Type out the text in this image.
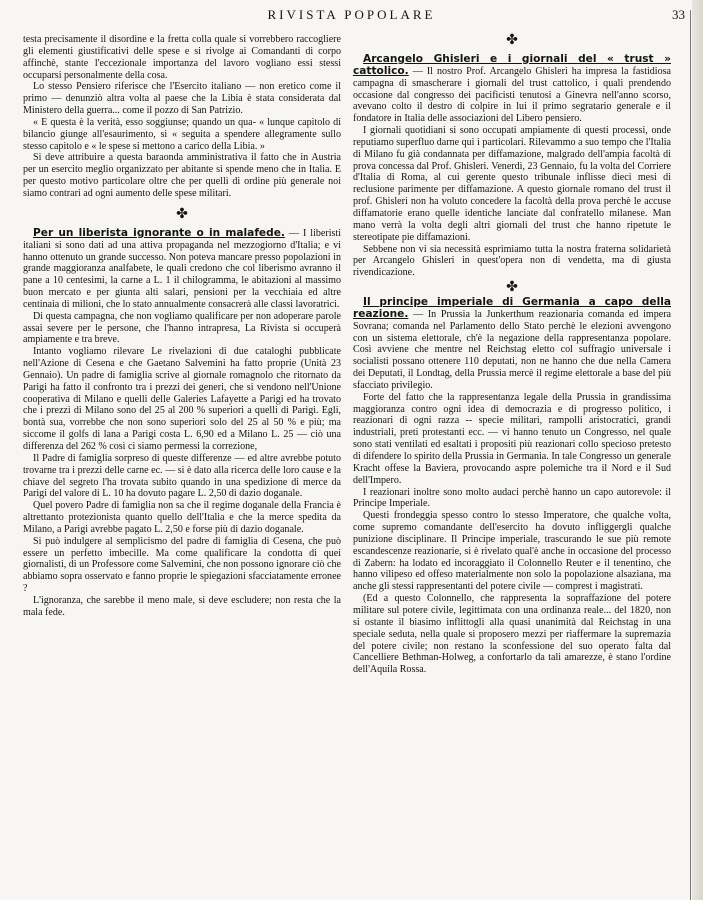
RIVISTA POPOLARE	33

testa precisamente il disordine e la fretta colla quale si vorrebbero raccogliere gli elementi giustificativi delle spese e si rivolge ai Comandanti di corpo affinchè, stante l'eccezionale importanza del lavoro vogliano essi stessi occuparsi personalmente della cosa.

Lo stesso Pensiero riferisce che l'Esercito italiano — non eretico come il primo — denunziò altra volta al paese che la Libia è stata considerata dal Ministero della guerra... come il pozzo di San Patrizio.

« E questa è la verità, esso soggiunse; quando un qua- « lunque capitolo di bilancio giunge all'esaurimento, si « seguita a spendere allegramente sullo stesso capitolo e « le spese si mettono a carico della Libia. »

Si deve attribuire a questa baraonda amministrativa il fatto che in Austria per un esercito meglio organizzato per abitante si spende meno che in Italia. E per questo motivo particolare oltre che per quelli di ordine più generale noi siamo contrari ad ogni aumento delle spese militari.

✤

Per un liberista ignorante o in malafede. — I liberisti italiani si sono dati ad una attiva propaganda nel mezzogiorno d'Italia; e vi hanno ottenuto un grande successo. Non poteva mancare presso popolazioni in grande maggioranza analfabete, le quali credono che col liberismo avranno il pane a 10 centesimi, la carne a L. 1 il chilogramma, le abitazioni al massimo buon mercato e per giunta alti salari, pensioni per la vecchiaia ed altre centinaia di milioni, che lo stato annualmente consacrerà alle classi lavoratrici.

Di questa campagna, che non vogliamo qualificare per non adoperare parole assai severe per le persone, che l'hanno intrapresa, La Rivista si occuperà ampiamente e tra breve.

Intanto vogliamo rilevare Le rivelazioni di due cataloghi pubblicate nell'Azione di Cesena e che Gaetano Salvemini ha fatto proprie (Unità 23 Gennaio). Un padre di famiglia scrive al giornale romagnolo che ritornato da Parigi ha fatto il confronto tra i prezzi dei generi, che si vendono nell'Unione cooperativa di Milano e quelli delle Galeries Lafayette a Parigi ed ha trovato che i prezzi di Milano sono del 25 al 200 % superiori a quelli di Parigi. Egli, bontà sua, vorrebbe che non sono superiori solo del 25 al 50 % e più; ma siccome il golfs di lana a Parigi costa L. 6,90 ed a Milano L. 25 — ciò una differenza del 262 % così ci siamo permessi la correzione,

Il Padre di famiglia sorpreso di queste differenze — ed altre avrebbe potuto trovarne tra i prezzi delle carne ec. — si è dato alla ricerca delle loro cause e la chiave del segreto l'ha trovata subito quando in una spedizione di merce da Parigi del valore di L. 10 ha dovuto pagare L. 2,50 di dazio doganale.

Quel povero Padre di famiglia non sa che il regime doganale della Francia è altrettanto protezionista quanto quello dell'Italia e che la merce spedita da Milano, a Parigi avrebbe pagato L. 2,50 e forse più di dazio doganale.

Si può indulgere al semplicismo del padre di famiglia di Cesena, che può essere un perfetto imbecille. Ma come qualificare la condotta di quei giornalisti, di un Professore come Salvemini, che non possono ignorare ciò che abbiamo sopra osservato e fanno proprie le spiegazioni sfacciatamente erronee ?

L'ignoranza, che sarebbe il meno male, si deve escludere; non resta che la mala fede.

✤

Arcangelo Ghisleri e i giornali del « trust » cattolico. — Il nostro Prof. Arcangelo Ghisleri ha impresa la fastidiosa campagna di smascherare i giornali del trust cattolico, i quali prendendo occasione dal congresso dei pacificisti tenutosi a Ginevra nell'anno scorso, avevano colto il destro di colpire in lui il primo segratario generale e il fondatore in Italia delle associazioni del Libero pensiero.

I giornali quotidiani si sono occupati ampiamente di questi processi, onde reputiamo superfluo darne qui i particolari. Rilevammo a suo tempo che l'Italia di Milano fu già condannata per diffamazione, malgrado dell'ampia facoltà di prova concessa dal Prof. Ghisleri. Venerdì, 23 Gennaio, fu la volta del Corriere d'Italia di Roma, al cui gerente questo tribunale inflisse dieci mesi di reclusione parimente per diffamazione. A questo giornale romano del trust il prof. Ghisleri non ha voluto concedere la facoltà della prova perchè le accuse diffamatorie erano quelle identiche lanciate dal confratello milanese. Man mano verrà la volta degli altri giornali del trust che hanno ripetute le stereotipate pie diffamazioni.

Sebbene non vi sia necessità esprimiamo tutta la nostra fraterna solidarietà per Arcangelo Ghisleri in quest'opera non di vendetta, ma di giusta rivendicazione.

✤

Il principe imperiale di Germania a capo della reazione. — In Prussia la Junkerthum reazionaria comanda ed impera Sovrana; comanda nel Parlamento dello Stato perchè le elezioni avvengono con un sistema elettorale, ch'è la negazione della rappresentanza popolare. Così avviene che mentre nel Reichstag eletto col suffragio universale i socialisti possano ottenere 110 deputati, non ne hanno che due nella Camera dei Deputati, il Londtag, della Prussia mercè il regime elettorale a base del più sfacciato privilegio.

Forte del fatto che la rappresentanza legale della Prussia in grandissima maggioranza contro ogni idea di democrazia e di progresso politico, i reazionari di ogni razza -- specie militari, rampolli aristocratici, grandi industriali, preti protestanti ecc. — vi hanno tenuto un Congresso, nel quale sono stati ventilati ed esaltati i propositi più reazionari collo specioso pretesto di difendere lo spirito della Prussia in Germania. In tale Congresso un generale Kracht offese la Baviera, provocando aspre polemiche tra il Nord e il Sud dell'Impero.

I reazionari inoltre sono molto audaci perchè hanno un capo autorevole: il Principe Imperiale.

Questi frondeggia spesso contro lo stesso Imperatore, che qualche volta, come supremo comandante dell'esercito ha dovuto infliggergli qualche punizione disciplinare. Il Principe imperiale, trascurando le sue più remote escandescenze reazionarie, si è rivelato qual'è anche in occasione del processo di Zabern: ha lodato ed incoraggiato il Colonnello Reuter e il tenentino, che hanno vilipeso ed offeso materialmente non solo la popolazione alsaziana, ma anche gli stessi rappresentanti del potere civile — comprest i magistrati.

(Ed a questo Colonnello, che rappresenta la sopraffazione del potere militare sul potere civile, legittimata con una ordinanza reale... del 1820, non si ostante il biasimo inflittogli alla quasi unanimità dal Reichstag in una speciale seduta, nella quale si proposero mezzi per riaffermare la supremazia del potere civile; non restano la sconfessione del suo operato falta dal Cancelliere Bethman-Holweg, a confortarlo da tali amarezze, è stano l'ordine dell'Aquila Rossa.
